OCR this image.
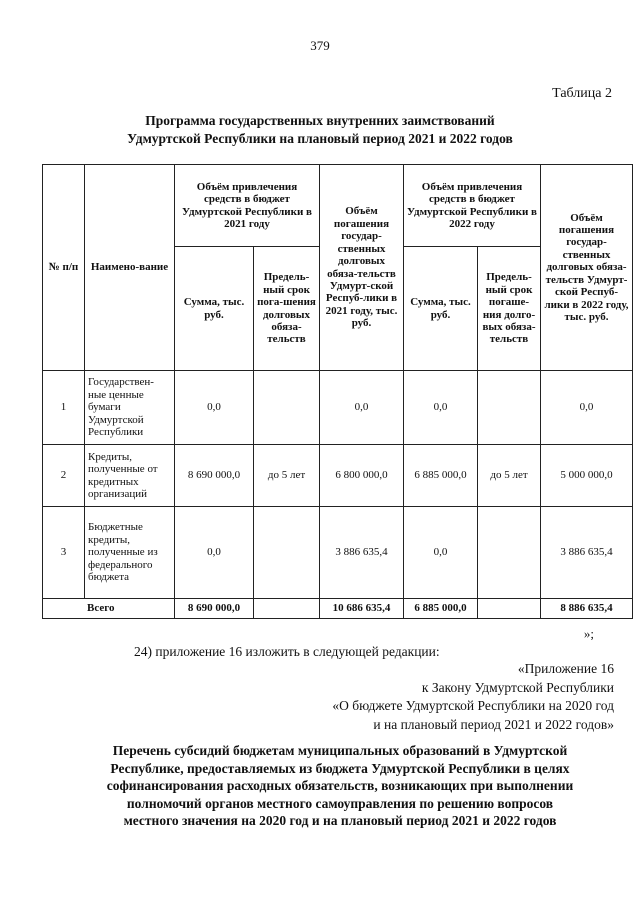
379
Таблица 2
Программа государственных внутренних заимствований
Удмуртской Республики на плановый период 2021 и 2022 годов
№ п/п	Наимено-вание	Объём привлечения средств в бюджет Удмуртской Республики в 2021 году		Объём погашения государ-ственных долговых обяза-тельств Удмурт-ской Респуб-лики в 2021 году, тыс. руб.	Объём привлечения средств в бюджет Удмуртской Республики в 2022 году		Объём погашения государ-ственных долговых обяза-тельств Удмурт-ской Респуб-лики в 2022 году, тыс. руб.
		Сумма, тыс. руб.	Предель-ный срок пога-шения долговых обяза-тельств		Сумма, тыс. руб.	Предель-ный срок погаше-ния долго-вых обяза-тельств	
1	Государствен-ные ценные бумаги Удмуртской Республики	0,0		0,0	0,0		0,0
2	Кредиты, полученные от кредитных организаций	8 690 000,0	до 5 лет	6 800 000,0	6 885 000,0	до 5 лет	5 000 000,0
3	Бюджетные кредиты, полученные из федерального бюджета	0,0		3 886 635,4	0,0		3 886 635,4
Всего		8 690 000,0		10 686 635,4	6 885 000,0		8 886 635,4
»;
24) приложение 16 изложить в следующей редакции:
«Приложение 16
к Закону Удмуртской Республики
«О бюджете Удмуртской Республики на 2020 год
и на плановый период 2021 и 2022 годов»
Перечень субсидий бюджетам муниципальных образований в Удмуртской
Республике, предоставляемых из бюджета Удмуртской Республики в целях
софинансирования расходных обязательств, возникающих при выполнении
полномочий органов местного самоуправления по решению вопросов
местного значения на 2020 год и на плановый период 2021 и 2022 годов
